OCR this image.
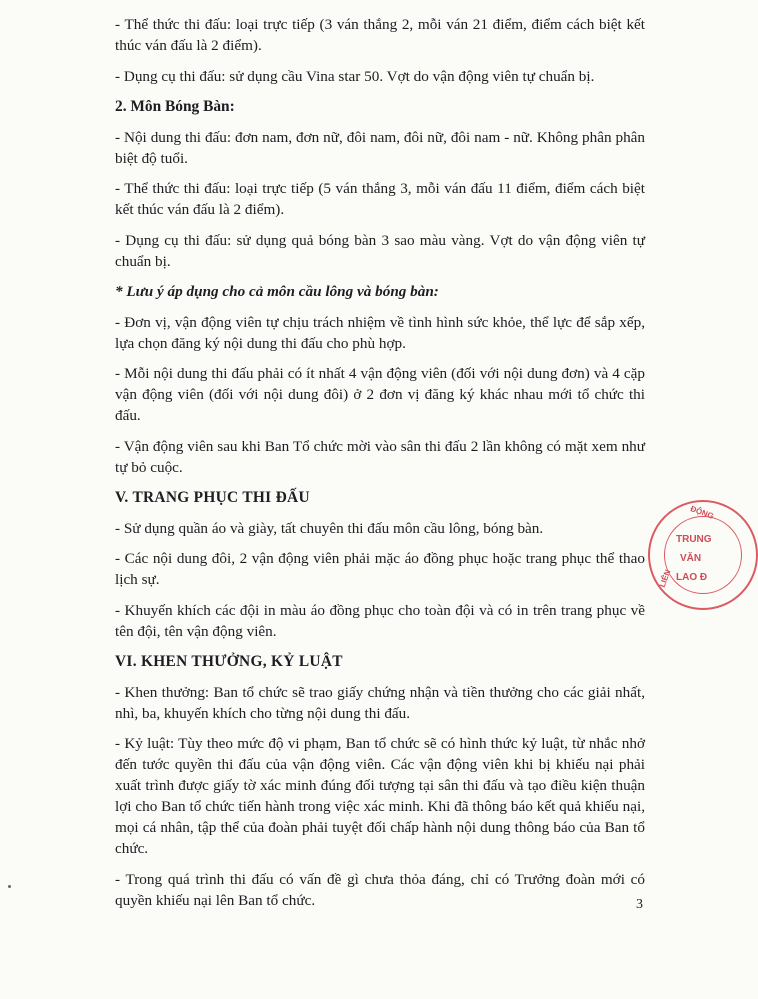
- Thể thức thi đấu: loại trực tiếp (3 ván thắng 2, mỗi ván 21 điểm, điểm cách biệt kết thúc ván đấu là 2 điểm).

- Dụng cụ thi đấu: sử dụng cầu Vina star 50. Vợt do vận động viên tự chuẩn bị.

2. Môn Bóng Bàn:

- Nội dung thi đấu: đơn nam, đơn nữ, đôi nam, đôi nữ, đôi nam - nữ. Không phân phân biệt độ tuổi.

- Thể thức thi đấu: loại trực tiếp (5 ván thắng 3, mỗi ván đấu 11 điểm, điểm cách biệt kết thúc ván đấu là 2 điểm).

- Dụng cụ thi đấu: sử dụng quả bóng bàn 3 sao màu vàng. Vợt do vận động viên tự chuẩn bị.

* Lưu ý áp dụng cho cả môn cầu lông và bóng bàn:

- Đơn vị, vận động viên tự chịu trách nhiệm về tình hình sức khỏe, thể lực để sắp xếp, lựa chọn đăng ký nội dung thi đấu cho phù hợp.

- Mỗi nội dung thi đấu phải có ít nhất 4 vận động viên (đối với nội dung đơn) và 4 cặp vận động viên (đối với nội dung đôi) ở 2 đơn vị đăng ký khác nhau mới tổ chức thi đấu.

- Vận động viên sau khi Ban Tổ chức mời vào sân thi đấu 2 lần không có mặt xem như tự bỏ cuộc.

V. TRANG PHỤC THI ĐẤU

- Sử dụng quần áo và giày, tất chuyên thi đấu môn cầu lông, bóng bàn.

- Các nội dung đôi, 2 vận động viên phải mặc áo đồng phục hoặc trang phục thể thao lịch sự.

- Khuyến khích các đội in màu áo đồng phục cho toàn đội và có in trên trang phục về tên đội, tên vận động viên.

VI. KHEN THƯỞNG, KỶ LUẬT

- Khen thưởng: Ban tổ chức sẽ trao giấy chứng nhận và tiền thưởng cho các giải nhất, nhì, ba, khuyến khích cho từng nội dung thi đấu.

- Kỷ luật: Tùy theo mức độ vi phạm, Ban tổ chức sẽ có hình thức kỷ luật, từ nhắc nhở đến tước quyền thi đấu của vận động viên. Các vận động viên khi bị khiếu nại phải xuất trình được giấy tờ xác minh đúng đối tượng tại sân thi đấu và tạo điều kiện thuận lợi cho Ban tổ chức tiến hành trong việc xác minh. Khi đã thông báo kết quả khiếu nại, mọi cá nhân, tập thể của đoàn phải tuyệt đối chấp hành nội dung thông báo của Ban tổ chức.

- Trong quá trình thi đấu có vấn đề gì chưa thỏa đáng, chỉ có Trưởng đoàn mới có quyền khiếu nại lên Ban tổ chức.	3
ĐỘNG
LIÊN
TRUNG
VĂN
LAO Đ
